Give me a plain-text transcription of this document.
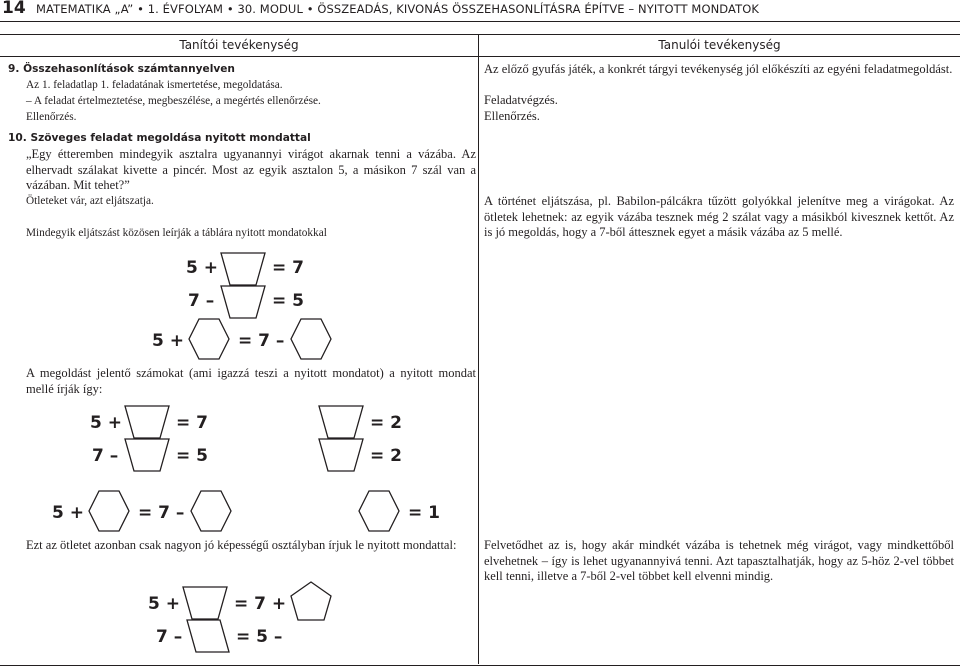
14 MATEMATIKA „A” • 1. ÉVFOLYAM • 30. MODUL • ÖSSZEADÁS, KIVONÁS ÖSSZEHASONLÍTÁSRA ÉPÍTVE – NYITOTT MONDATOK
Tanítói tevékenység	Tanulói tevékenység
9. Összehasonlítások számtannyelven
Az 1. feladatlap 1. feladatának ismertetése, megoldatása.
– A feladat értelmeztetése, megbeszélése, a megértés ellenőrzése.
Ellenőrzés.
10. Szöveges feladat megoldása nyitott mondattal
„Egy étteremben mindegyik asztalra ugyanannyi virágot akarnak tenni a vázába. Az elhervadt szálakat kivette a pincér. Most az egyik asztalon 5, a másikon 7 szál van a vázában. Mit tehet?”
Ötleteket vár, azt eljátszatja.
Mindegyik eljátszást közösen leírják a táblára nyitott mondatokkal
5 +	= 7
7 –	= 5
5 +	= 7 –
A megoldást jelentő számokat (ami igazzá teszi a nyitott mondatot) a nyitott mondat mellé írják így:
5 +	= 7	= 2
7 –	= 5	= 2
5 +	= 7 –	= 1
Ezt az ötletet azonban csak nagyon jó képességű osztályban írjuk le nyitott mondattal:
5 +	= 7 +
7 –	= 5 –
Az előző gyufás játék, a konkrét tárgyi tevékenység jól előkészíti az egyéni feladatmegoldást.
Feladatvégzés.
Ellenőrzés.
A történet eljátszása, pl. Babilon-pálcákra tűzött golyókkal jelenítve meg a virágokat. Az ötletek lehetnek: az egyik vázába tesznek még 2 szálat vagy a másikból kivesznek kettőt. Az is jó megoldás, hogy a 7-ből áttesznek egyet a másik vázába az 5 mellé.
Felvetődhet az is, hogy akár mindkét vázába is tehetnek még virágot, vagy mindkettőből elvehetnek – így is lehet ugyanannyivá tenni. Azt tapasztalhatják, hogy az 5-höz 2-vel többet kell tenni, illetve a 7-ből 2-vel többet kell elvenni mindig.
